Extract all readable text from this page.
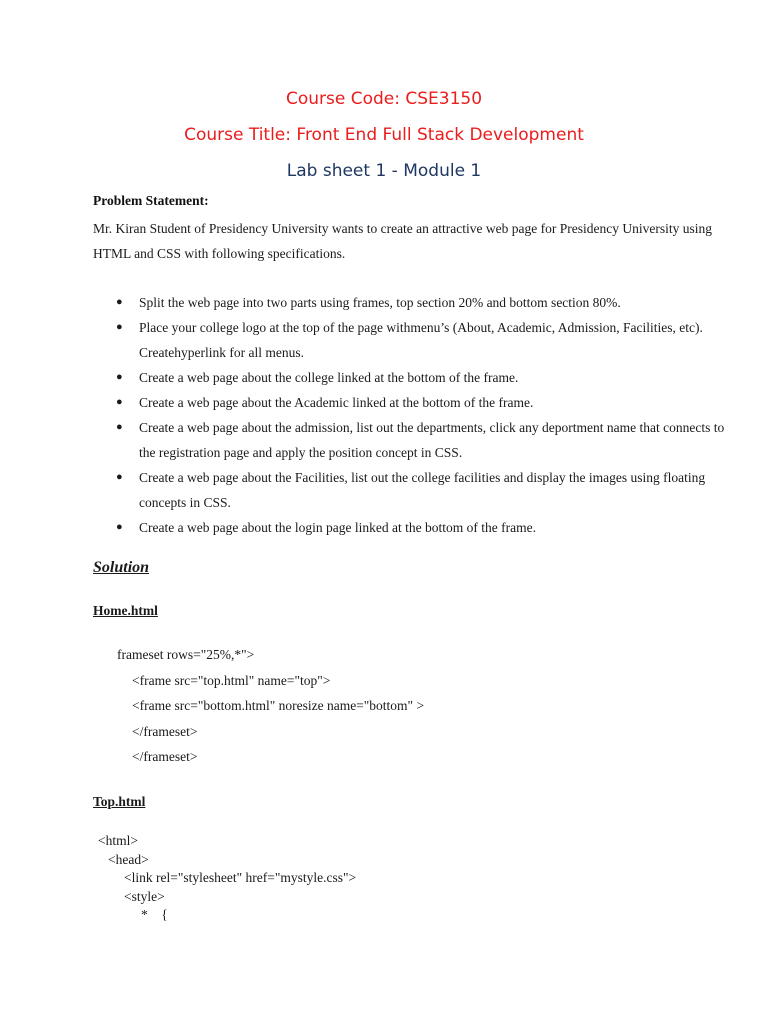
Course Code: CSE3150
Course Title: Front End Full Stack Development
Lab sheet 1 - Module 1

Problem Statement:

Mr. Kiran Student of Presidency University wants to create an attractive web page for Presidency University using HTML and CSS with following specifications.

● Split the web page into two parts using frames, top section 20% and bottom section 80%.
● Place your college logo at the top of the page withmenu’s (About, Academic, Admission, Facilities, etc). Createhyperlink for all menus.
● Create a web page about the college linked at the bottom of the frame.
● Create a web page about the Academic linked at the bottom of the frame.
● Create a web page about the admission, list out the departments, click any deportment name that connects to the registration page and apply the position concept in CSS.
● Create a web page about the Facilities, list out the college facilities and display the images using floating concepts in CSS.
● Create a web page about the login page linked at the bottom of the frame.

Solution

Home.html

frameset rows="25%,*">
<frame src="top.html" name="top">
<frame src="bottom.html" noresize name="bottom" >
</frameset>
</frameset>

Top.html

<html>
<head>
<link rel="stylesheet" href="mystyle.css">
<style>
*    {
